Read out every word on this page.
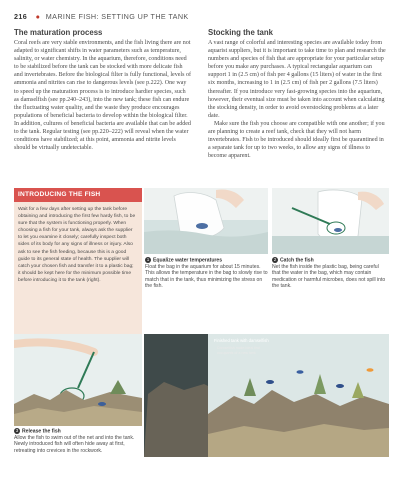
216 ● MARINE FISH: SETTING UP THE TANK
The maturation process

Coral reefs are very stable environments, and the fish living there are not adapted to significant shifts in water parameters such as temperature, salinity, or water chemistry. In the aquarium, therefore, conditions need to be stabilized before the tank can be stocked with more delicate fish and invertebrates. Before the biological filter is fully functional, levels of ammonia and nitrites can rise to dangerous levels (see p.222). One way to speed up the maturation process is to introduce hardier species, such as damselfish (see pp.240–243), into the new tank; these fish can endure the fluctuating water quality, and the waste they produce encourages populations of beneficial bacteria to develop within the biological filter. In addition, cultures of beneficial bacteria are available that can be added to the tank. Regular testing (see pp.220–222) will reveal when the water conditions have stabilized; at this point, ammonia and nitrite levels should be virtually undetectable.

Stocking the tank

A vast range of colorful and interesting species are available today from aquarist suppliers, but it is important to take time to plan and research the numbers and species of fish that are appropriate for your particular setup before you make any purchases. A typical rectangular aquarium can support 1 in (2.5 cm) of fish per 4 gallons (15 liters) of water in the first six months, increasing to 1 in (2.5 cm) of fish per 2 gallons (7.5 liters) thereafter. If you introduce very fast-growing species into the aquarium, however, their eventual size must be taken into account when calculating the stocking density, in order to avoid overstocking problems at a later date.

Make sure the fish you choose are compatible with one another; if you are planning to create a reef tank, check that they will not harm invertebrates. Fish to be introduced should ideally first be quarantined in a separate tank for up to two weeks, to allow any signs of illness to become apparent.

INTRODUCING THE FISH

Wait for a few days after setting up the tank before obtaining and introducing the first few hardy fish, to be sure that the system is functioning properly. When choosing a fish for your tank, always ask the supplier to let you examine it closely; carefully inspect both sides of its body for any signs of illness or injury. Also ask to see the fish feeding, because this is a good guide to its general state of health. The supplier will catch your chosen fish and transfer it to a plastic bag; it should be kept here for the minimum possible time before introducing it to the tank (right).

1 Equalize water temperatures
Float the bag in the aquarium for about 15 minutes. This allows the temperature in the bag to slowly rise to match that in the tank, thus minimizing the stress on the fish.
2 Catch the fish
Net the fish inside the plastic bag, being careful that the water in the bag, which may contain medication or harmful microbes, does not spill into the tank.
Finished tank with damselfish
Damselfish make ideal first occupants of a new tank
3 Release the fish
Allow the fish to swim out of the net and into the tank. Newly introduced fish will often hide away at first, retreating into crevices in the rockwork.
